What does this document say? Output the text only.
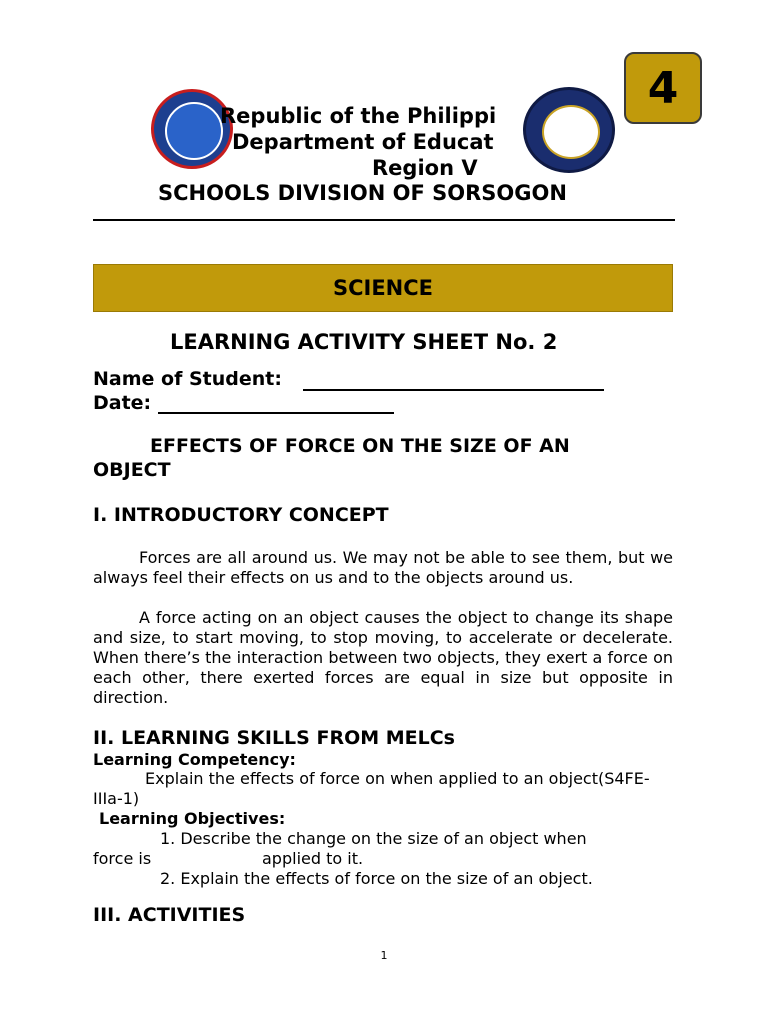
4
Republic of the Philippi
Department of Educat
Region V
SCHOOLS DIVISION OF SORSOGON
SCIENCE
LEARNING ACTIVITY SHEET No. 2
Name of Student:
Date:
EFFECTS OF FORCE ON THE SIZE OF AN
OBJECT
I. INTRODUCTORY CONCEPT
Forces are all around us. We may not be able to see them, but we always feel their effects on us and to the objects around us.
A force acting on an object causes the object to change its shape and size, to start moving, to stop moving, to accelerate or decelerate. When there’s the interaction between two objects, they exert a force on each other, there exerted forces are equal in size but opposite in direction.
II. LEARNING SKILLS FROM MELCs
Learning Competency:
Explain the effects of force on when applied to an object(S4FE-IIIa-1)
Learning Objectives:
1. Describe the change on the size of an object when
force is	applied to it.
2. Explain the effects of force on the size of an object.
III. ACTIVITIES
1
